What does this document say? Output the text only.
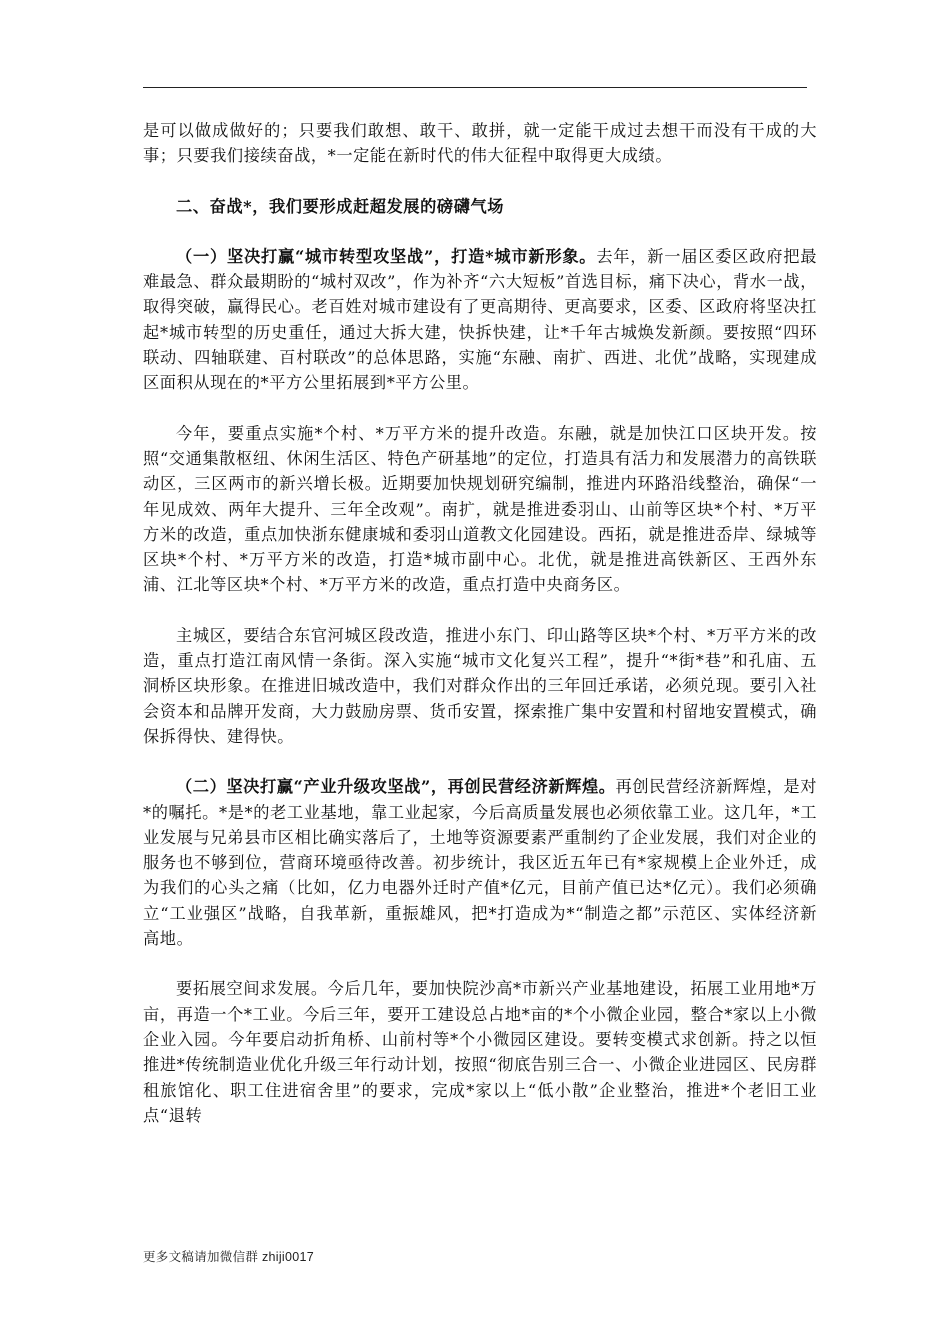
是可以做成做好的；只要我们敢想、敢干、敢拼，就一定能干成过去想干而没有干成的大事；只要我们接续奋战，*一定能在新时代的伟大征程中取得更大成绩。

二、奋战*，我们要形成赶超发展的磅礴气场

（一）坚决打赢“城市转型攻坚战”，打造*城市新形象。去年，新一届区委区政府把最难最急、群众最期盼的“城村双改”，作为补齐“六大短板”首选目标，痛下决心，背水一战，取得突破，赢得民心。老百姓对城市建设有了更高期待、更高要求，区委、区政府将坚决扛起*城市转型的历史重任，通过大拆大建，快拆快建，让*千年古城焕发新颜。要按照“四环联动、四轴联建、百村联改”的总体思路，实施“东融、南扩、西进、北优”战略，实现建成区面积从现在的*平方公里拓展到*平方公里。

今年，要重点实施*个村、*万平方米的提升改造。东融，就是加快江口区块开发。按照“交通集散枢纽、休闲生活区、特色产研基地”的定位，打造具有活力和发展潜力的高铁联动区，三区两市的新兴增长极。近期要加快规划研究编制，推进内环路沿线整治，确保“一年见成效、两年大提升、三年全改观”。南扩，就是推进委羽山、山前等区块*个村、*万平方米的改造，重点加快浙东健康城和委羽山道教文化园建设。西拓，就是推进岙岸、绿城等区块*个村、*万平方米的改造，打造*城市副中心。北优，就是推进高铁新区、王西外东浦、江北等区块*个村、*万平方米的改造，重点打造中央商务区。

主城区，要结合东官河城区段改造，推进小东门、印山路等区块*个村、*万平方米的改造，重点打造江南风情一条街。深入实施“城市文化复兴工程”，提升“*街*巷”和孔庙、五洞桥区块形象。在推进旧城改造中，我们对群众作出的三年回迁承诺，必须兑现。要引入社会资本和品牌开发商，大力鼓励房票、货币安置，探索推广集中安置和村留地安置模式，确保拆得快、建得快。

（二）坚决打赢“产业升级攻坚战”，再创民营经济新辉煌。再创民营经济新辉煌，是对*的嘱托。*是*的老工业基地，靠工业起家，今后高质量发展也必须依靠工业。这几年，*工业发展与兄弟县市区相比确实落后了，土地等资源要素严重制约了企业发展，我们对企业的服务也不够到位，营商环境亟待改善。初步统计，我区近五年已有*家规模上企业外迁，成为我们的心头之痛（比如，亿力电器外迁时产值*亿元，目前产值已达*亿元）。我们必须确立“工业强区”战略，自我革新，重振雄风，把*打造成为*“制造之都”示范区、实体经济新高地。

要拓展空间求发展。今后几年，要加快院沙高*市新兴产业基地建设，拓展工业用地*万亩，再造一个*工业。今后三年，要开工建设总占地*亩的*个小微企业园，整合*家以上小微企业入园。今年要启动折角桥、山前村等*个小微园区建设。要转变模式求创新。持之以恒推进*传统制造业优化升级三年行动计划，按照“彻底告别三合一、小微企业进园区、民房群租旅馆化、职工住进宿舍里”的要求，完成*家以上“低小散”企业整治，推进*个老旧工业点“退转

更多文稿请加微信群 zhiji0017
